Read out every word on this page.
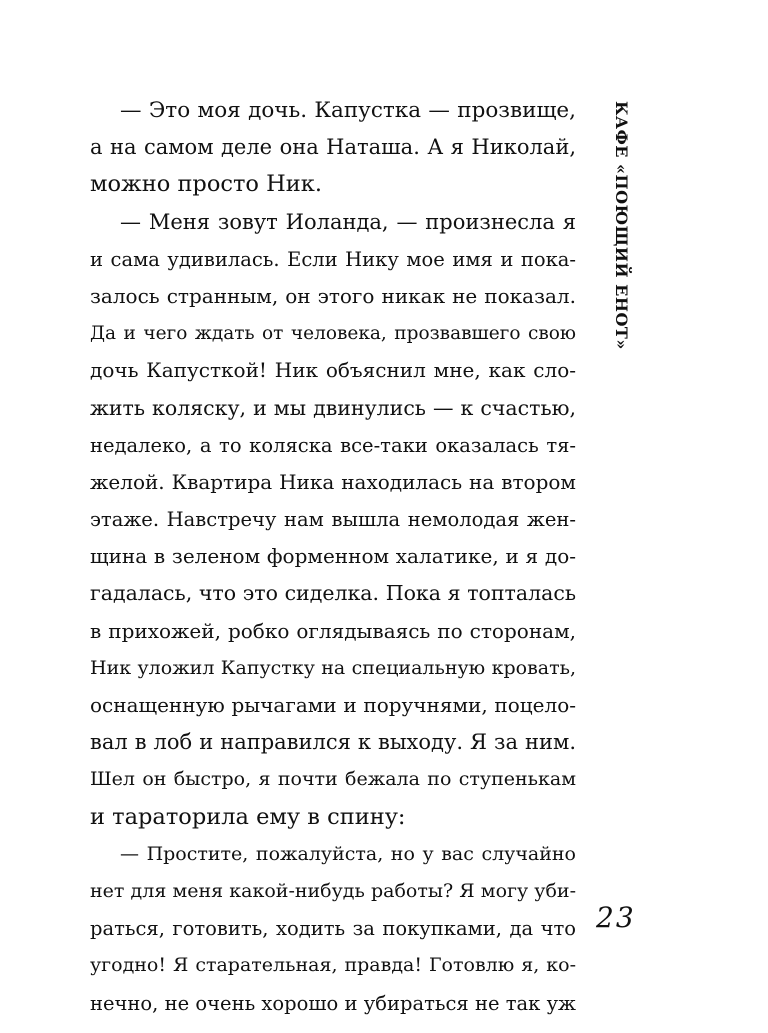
КАФЕ «ПОЮЩИЙ ЕНОТ»
— Это моя дочь. Капустка — прозвище,
а на самом деле она Наташа. А я Николай,
можно просто Ник.
— Меня зовут Иоланда, — произнесла я
и сама удивилась. Если Нику мое имя и пока-
залось странным, он этого никак не показал.
Да и чего ждать от человека, прозвавшего свою
дочь Капусткой! Ник объяснил мне, как сло-
жить коляску, и мы двинулись — к счастью,
недалеко, а то коляска все-таки оказалась тя-
желой. Квартира Ника находилась на втором
этаже. Навстречу нам вышла немолодая жен-
щина в зеленом форменном халатике, и я до-
гадалась, что это сиделка. Пока я топталась
в прихожей, робко оглядываясь по сторонам,
Ник уложил Капустку на специальную кровать,
оснащенную рычагами и поручнями, поцело-
вал в лоб и направился к выходу. Я за ним.
Шел он быстро, я почти бежала по ступенькам
и тараторила ему в спину:
— Простите, пожалуйста, но у вас случайно
нет для меня какой-нибудь работы? Я могу уби-
раться, готовить, ходить за покупками, да что
угодно! Я старательная, правда! Готовлю я, ко-
нечно, не очень хорошо и убираться не так уж
23
